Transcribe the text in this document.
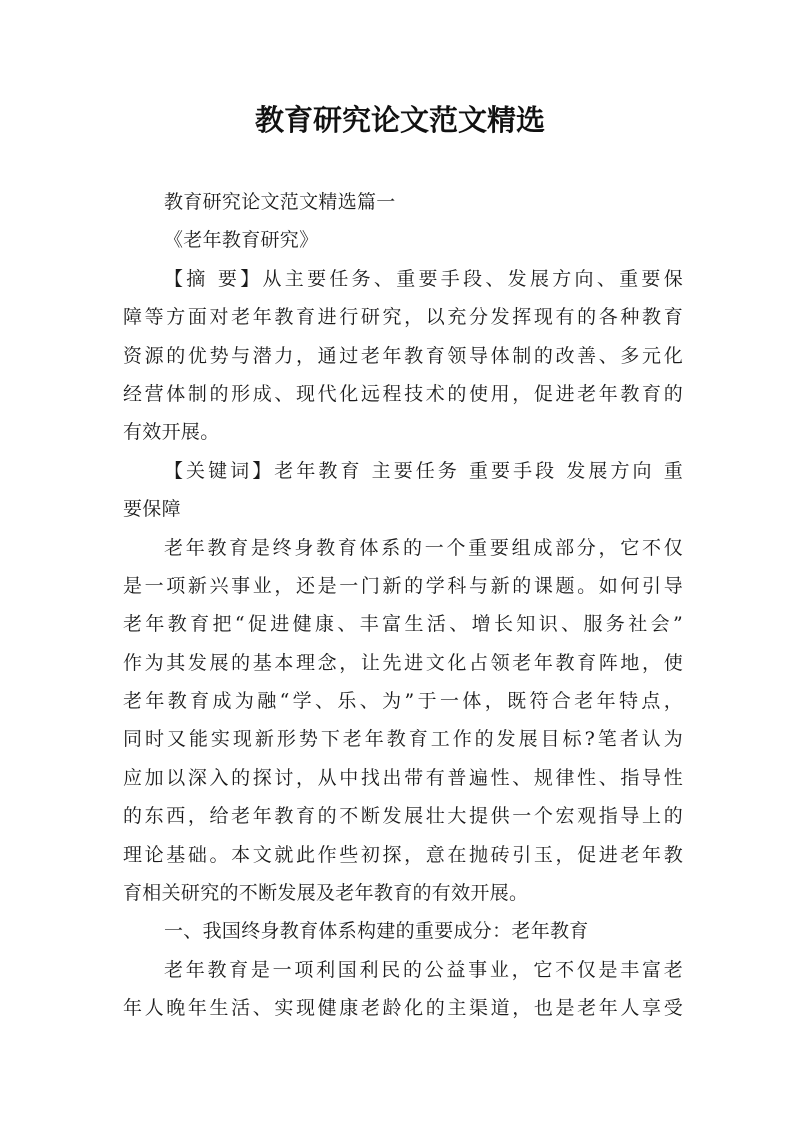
教育研究论文范文精选
教育研究论文范文精选篇一
《老年教育研究》
【摘 要】从主要任务、重要手段、发展方向、重要保
障等方面对老年教育进行研究，以充分发挥现有的各种教育
资源的优势与潜力，通过老年教育领导体制的改善、多元化
经营体制的形成、现代化远程技术的使用，促进老年教育的
有效开展。
【关键词】老年教育 主要任务 重要手段 发展方向 重
要保障
老年教育是终身教育体系的一个重要组成部分，它不仅
是一项新兴事业，还是一门新的学科与新的课题。如何引导
老年教育把“促进健康、丰富生活、增长知识、服务社会”
作为其发展的基本理念，让先进文化占领老年教育阵地，使
老年教育成为融“学、乐、为”于一体，既符合老年特点，
同时又能实现新形势下老年教育工作的发展目标?笔者认为
应加以深入的探讨，从中找出带有普遍性、规律性、指导性
的东西，给老年教育的不断发展壮大提供一个宏观指导上的
理论基础。本文就此作些初探，意在抛砖引玉，促进老年教
育相关研究的不断发展及老年教育的有效开展。
一、我国终身教育体系构建的重要成分：老年教育
老年教育是一项利国利民的公益事业，它不仅是丰富老
年人晚年生活、实现健康老龄化的主渠道，也是老年人享受
